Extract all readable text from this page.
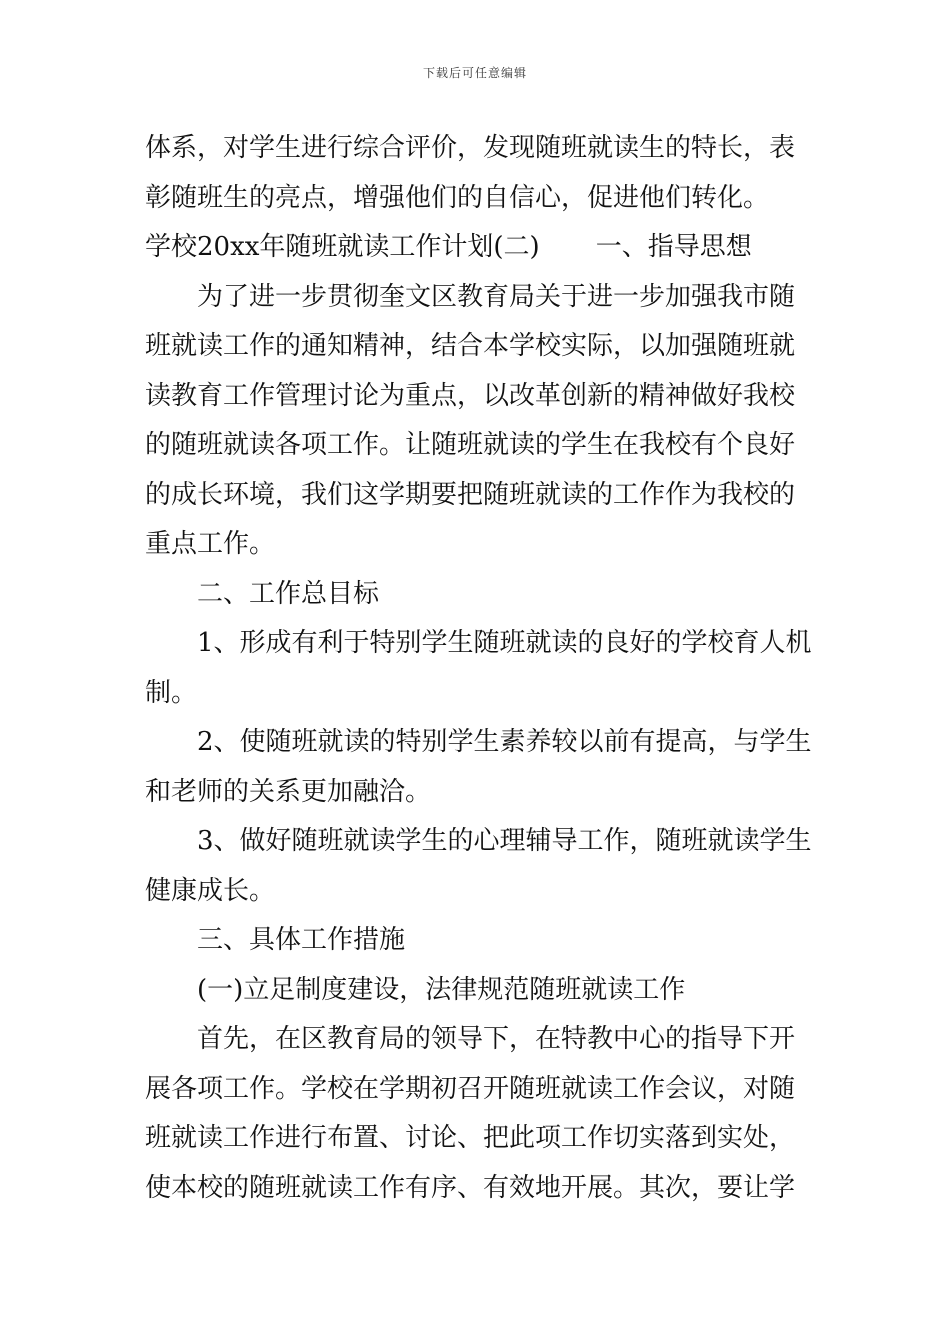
下载后可任意编辑
体系，对学生进行综合评价，发现随班就读生的特长，表
彰随班生的亮点，增强他们的自信心，促进他们转化。
学校20xx年随班就读工作计划(二) 一、指导思想
为了进一步贯彻奎文区教育局关于进一步加强我市随
班就读工作的通知精神，结合本学校实际，以加强随班就
读教育工作管理讨论为重点，以改革创新的精神做好我校
的随班就读各项工作。让随班就读的学生在我校有个良好
的成长环境，我们这学期要把随班就读的工作作为我校的
重点工作。
二、工作总目标
1、形成有利于特别学生随班就读的良好的学校育人机
制。
2、使随班就读的特别学生素养较以前有提高，与学生
和老师的关系更加融洽。
3、做好随班就读学生的心理辅导工作，随班就读学生
健康成长。
三、具体工作措施
(一)立足制度建设，法律规范随班就读工作
首先，在区教育局的领导下，在特教中心的指导下开
展各项工作。学校在学期初召开随班就读工作会议，对随
班就读工作进行布置、讨论、把此项工作切实落到实处，
使本校的随班就读工作有序、有效地开展。其次，要让学
